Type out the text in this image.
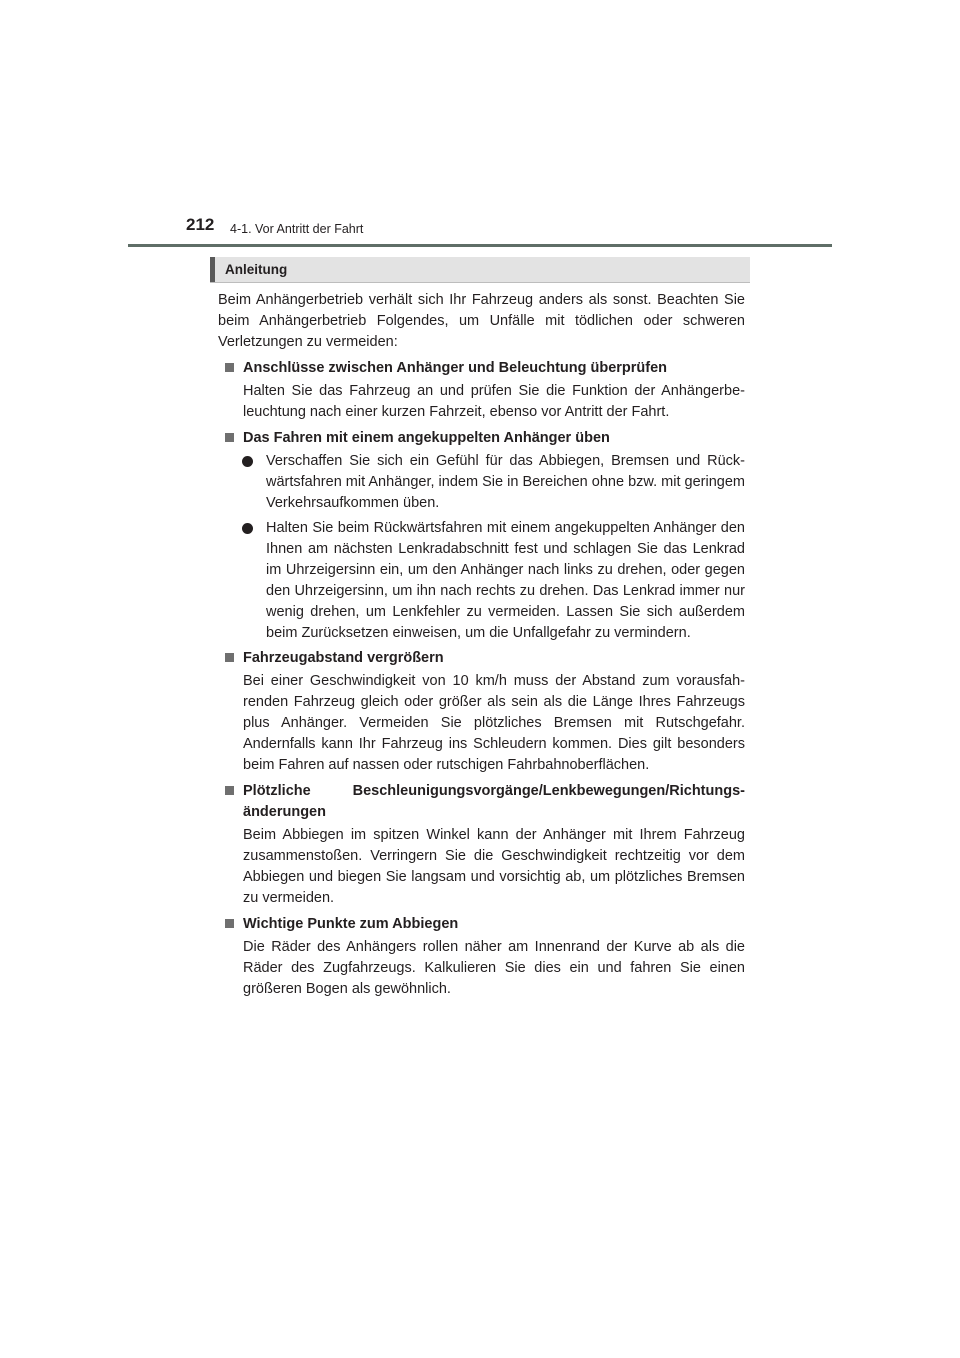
212 4-1. Vor Antritt der Fahrt
Anleitung

Beim Anhängerbetrieb verhält sich Ihr Fahrzeug anders als sonst. Beachten Sie beim Anhängerbetrieb Folgendes, um Unfälle mit tödlichen oder schweren Verletzungen zu vermeiden:

Anschlüsse zwischen Anhänger und Beleuchtung überprüfen

Halten Sie das Fahrzeug an und prüfen Sie die Funktion der Anhängerbeleuchtung nach einer kurzen Fahrzeit, ebenso vor Antritt der Fahrt.

Das Fahren mit einem angekuppelten Anhänger üben

Verschaffen Sie sich ein Gefühl für das Abbiegen, Bremsen und Rückwärtsfahren mit Anhänger, indem Sie in Bereichen ohne bzw. mit geringem Verkehrsaufkommen üben.

Halten Sie beim Rückwärtsfahren mit einem angekuppelten Anhänger den Ihnen am nächsten Lenkradabschnitt fest und schlagen Sie das Lenkrad im Uhrzeigersinn ein, um den Anhänger nach links zu drehen, oder gegen den Uhrzeigersinn, um ihn nach rechts zu drehen. Das Lenkrad immer nur wenig drehen, um Lenkfehler zu vermeiden. Lassen Sie sich außerdem beim Zurücksetzen einweisen, um die Unfallgefahr zu vermindern.

Fahrzeugabstand vergrößern

Bei einer Geschwindigkeit von 10 km/h muss der Abstand zum vorausfahrenden Fahrzeug gleich oder größer als sein als die Länge Ihres Fahrzeugs plus Anhänger. Vermeiden Sie plötzliches Bremsen mit Rutschgefahr. Andernfalls kann Ihr Fahrzeug ins Schleudern kommen. Dies gilt besonders beim Fahren auf nassen oder rutschigen Fahrbahnoberflächen.

Plötzliche Beschleunigungsvorgänge/Lenkbewegungen/Richtungsänderungen

Beim Abbiegen im spitzen Winkel kann der Anhänger mit Ihrem Fahrzeug zusammenstoßen. Verringern Sie die Geschwindigkeit rechtzeitig vor dem Abbiegen und biegen Sie langsam und vorsichtig ab, um plötzliches Bremsen zu vermeiden.

Wichtige Punkte zum Abbiegen

Die Räder des Anhängers rollen näher am Innenrand der Kurve ab als die Räder des Zugfahrzeugs. Kalkulieren Sie dies ein und fahren Sie einen größeren Bogen als gewöhnlich.
